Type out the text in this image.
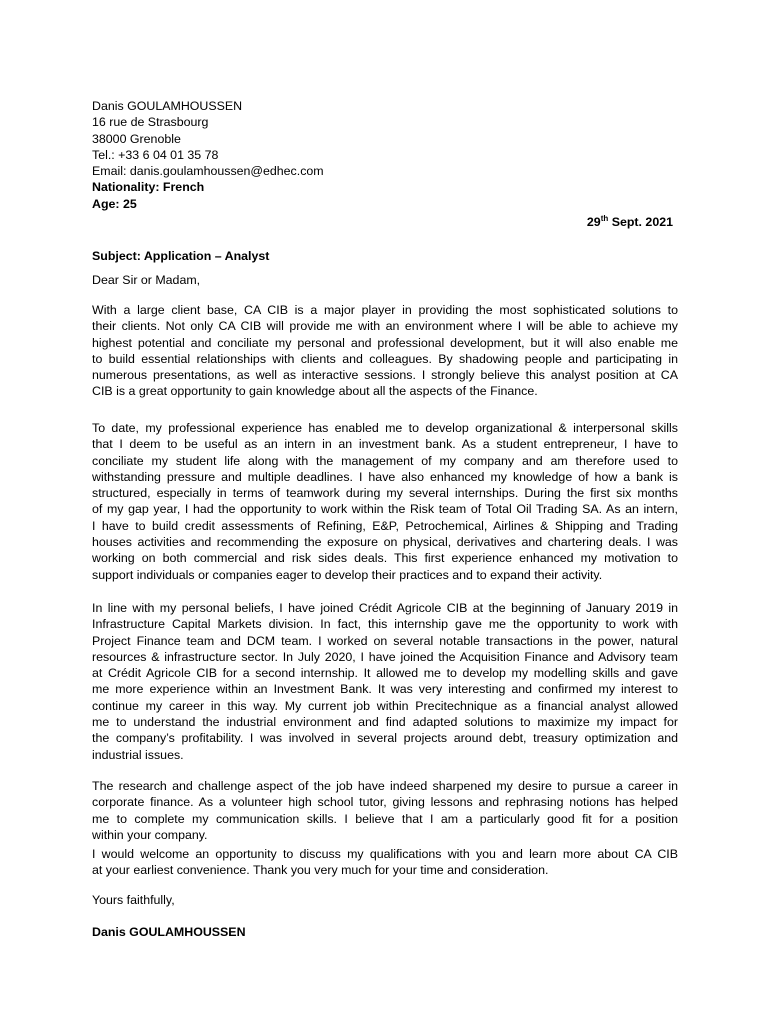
Danis GOULAMHOUSSEN
16 rue de Strasbourg
38000 Grenoble
Tel.: +33 6 04 01 35 78
Email: danis.goulamhoussen@edhec.com
Nationality: French
Age: 25
29th Sept. 2021
Subject: Application – Analyst
Dear Sir or Madam,
With a large client base, CA CIB is a major player in providing the most sophisticated solutions to
their clients. Not only CA CIB will provide me with an environment where I will be able to achieve my
highest potential and conciliate my personal and professional development, but it will also enable me
to build essential relationships with clients and colleagues. By shadowing people and participating in
numerous presentations, as well as interactive sessions. I strongly believe this analyst position at CA
CIB is a great opportunity to gain knowledge about all the aspects of the Finance.
To date, my professional experience has enabled me to develop organizational & interpersonal skills
that I deem to be useful as an intern in an investment bank. As a student entrepreneur, I have to
conciliate my student life along with the management of my company and am therefore used to
withstanding pressure and multiple deadlines. I have also enhanced my knowledge of how a bank is
structured, especially in terms of teamwork during my several internships. During the first six months
of my gap year, I had the opportunity to work within the Risk team of Total Oil Trading SA. As an intern,
I have to build credit assessments of Refining, E&P, Petrochemical, Airlines & Shipping and Trading
houses activities and recommending the exposure on physical, derivatives and chartering deals. I was
working on both commercial and risk sides deals. This first experience enhanced my motivation to
support individuals or companies eager to develop their practices and to expand their activity.
In line with my personal beliefs, I have joined Crédit Agricole CIB at the beginning of January 2019 in
Infrastructure Capital Markets division. In fact, this internship gave me the opportunity to work with
Project Finance team and DCM team. I worked on several notable transactions in the power, natural
resources & infrastructure sector. In July 2020, I have joined the Acquisition Finance and Advisory team
at Crédit Agricole CIB for a second internship. It allowed me to develop my modelling skills and gave
me more experience within an Investment Bank. It was very interesting and confirmed my interest to
continue my career in this way. My current job within Precitechnique as a financial analyst allowed
me to understand the industrial environment and find adapted solutions to maximize my impact for
the company’s profitability. I was involved in several projects around debt, treasury optimization and
industrial issues.
The research and challenge aspect of the job have indeed sharpened my desire to pursue a career in
corporate finance. As a volunteer high school tutor, giving lessons and rephrasing notions has helped
me to complete my communication skills. I believe that I am a particularly good fit for a position
within your company.
I would welcome an opportunity to discuss my qualifications with you and learn more about CA CIB
at your earliest convenience. Thank you very much for your time and consideration.
Yours faithfully,
Danis GOULAMHOUSSEN
